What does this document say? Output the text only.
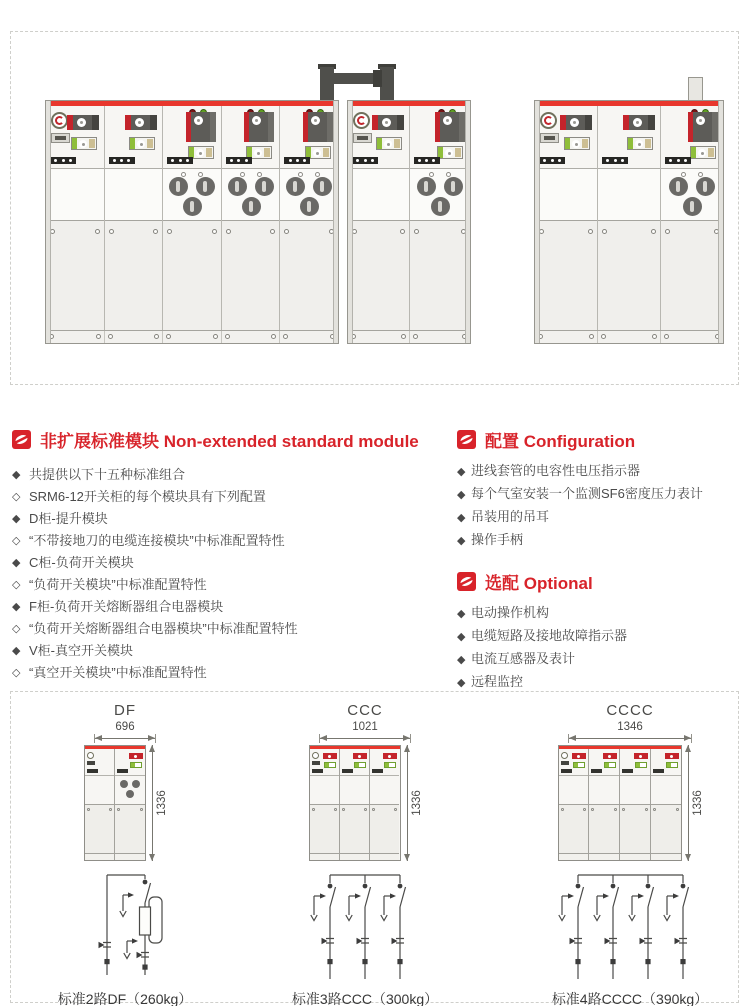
非扩展标准模块 Non-extended standard module
◆ 共提供以下十五种标准组合
◇ SRM6-12开关柜的每个模块具有下列配置
◆ D柜-提升模块
◇ “不带接地刀的电缆连接模块”中标准配置特性
◆ C柜-负荷开关模块
◇ “负荷开关模块”中标准配置特性
◆ F柜-负荷开关熔断器组合电器模块
◇ “负荷开关熔断器组合电器模块”中标准配置特性
◆ V柜-真空开关模块
◇ “真空开关模块”中标准配置特性
配置 Configuration
◆ 进线套管的电容性电压指示器
◆ 每个气室安装一个监测SF6密度压力表计
◆ 吊装用的吊耳
◆ 操作手柄
选配 Optional
◆ 电动操作机构
◆ 电缆短路及接地故障指示器
◆ 电流互感器及表计
◆ 远程监控
DF
696
1336
标准2路DF（260kg）
CCC
1021
1336
标准3路CCC（300kg）
CCCC
1346
1336
标准4路CCCC（390kg）
